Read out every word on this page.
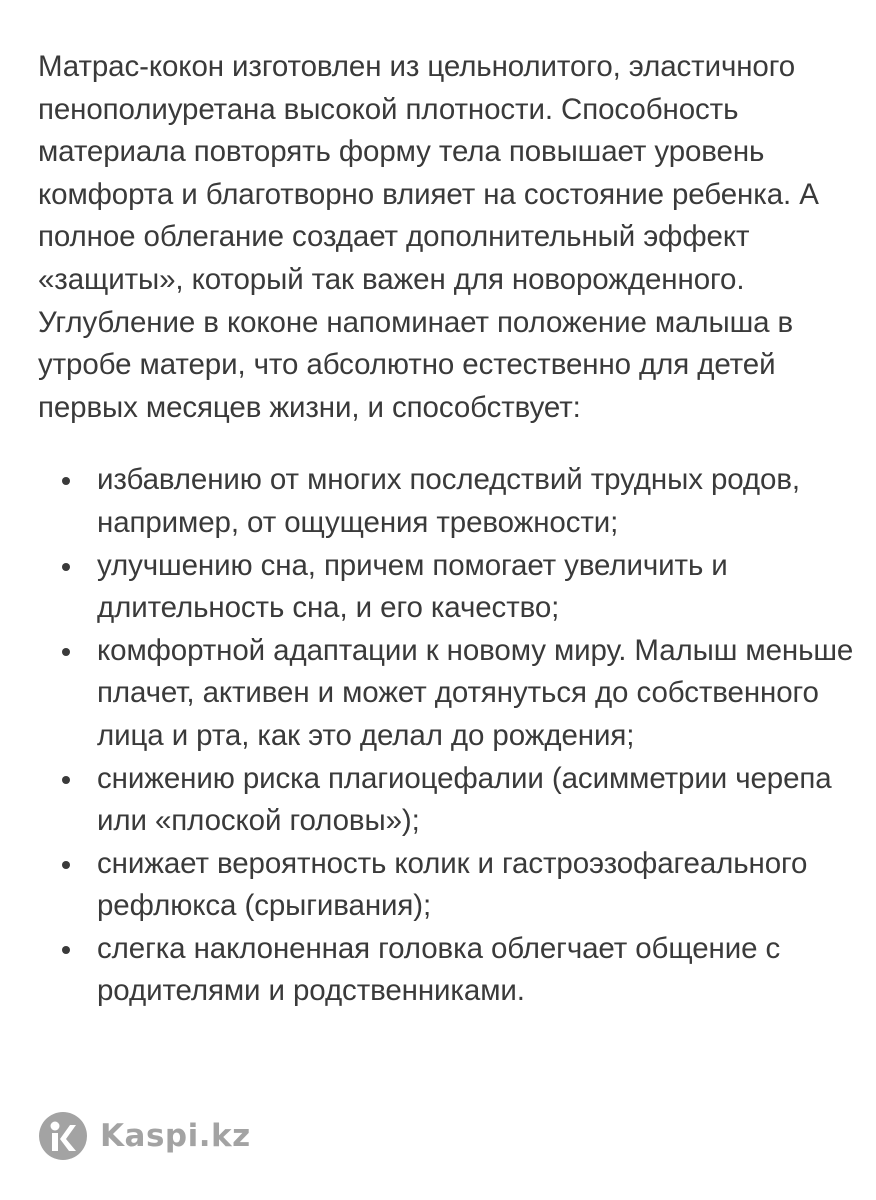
Матрас-кокон изготовлен из цельнолитого, эластичного пенополиуретана высокой плотности. Способность материала повторять форму тела повышает уровень комфорта и благотворно влияет на состояние ребенка. А полное облегание создает дополнительный эффект «защиты», который так важен для новорожденного.

Углубление в коконе напоминает положение малыша в утробе матери, что абсолютно естественно для детей первых месяцев жизни, и способствует:

избавлению от многих последствий трудных родов, например, от ощущения тревожности;
улучшению сна, причем помогает увеличить и длительность сна, и его качество;
комфортной адаптации к новому миру. Малыш меньше плачет, активен и может дотянуться до собственного лица и рта, как это делал до рождения;
снижению риска плагиоцефалии (асимметрии черепа или «плоской головы»);
снижает вероятность колик и гастроэзофагеального рефлюкса (срыгивания);
слегка наклоненная головка облегчает общение с родителями и родственниками.
Kaspi.kz
